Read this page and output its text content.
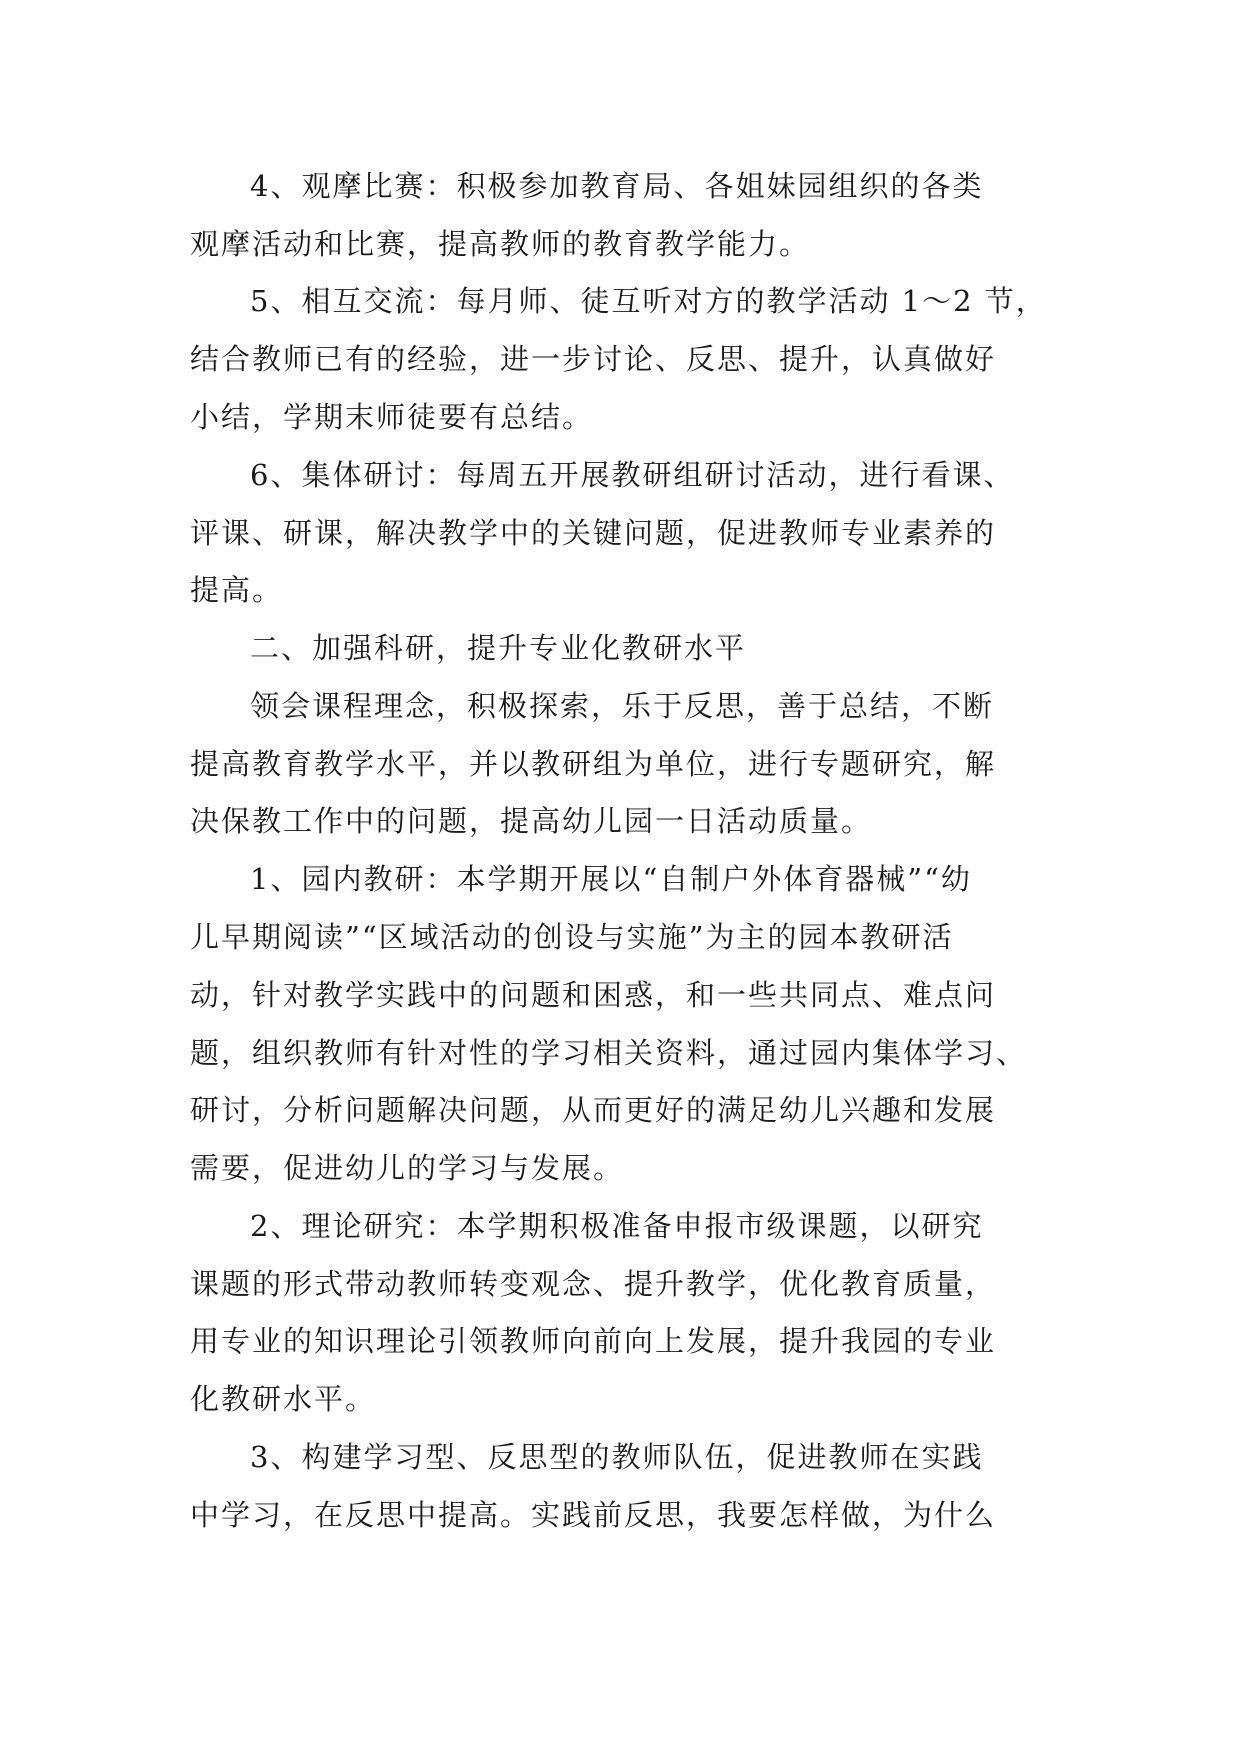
4、观摩比赛：积极参加教育局、各姐妹园组织的各类
观摩活动和比赛，提高教师的教育教学能力。
5、相互交流：每月师、徒互听对方的教学活动 1～2 节，
结合教师已有的经验，进一步讨论、反思、提升，认真做好
小结，学期末师徒要有总结。
6、集体研讨：每周五开展教研组研讨活动，进行看课、
评课、研课，解决教学中的关键问题，促进教师专业素养的
提高。
二、加强科研，提升专业化教研水平
领会课程理念，积极探索，乐于反思，善于总结，不断
提高教育教学水平，并以教研组为单位，进行专题研究，解
决保教工作中的问题，提高幼儿园一日活动质量。
1、园内教研：本学期开展以“自制户外体育器械”“幼
儿早期阅读”“区域活动的创设与实施”为主的园本教研活
动，针对教学实践中的问题和困惑，和一些共同点、难点问
题，组织教师有针对性的学习相关资料，通过园内集体学习、
研讨，分析问题解决问题，从而更好的满足幼儿兴趣和发展
需要，促进幼儿的学习与发展。
2、理论研究：本学期积极准备申报市级课题，以研究
课题的形式带动教师转变观念、提升教学，优化教育质量，
用专业的知识理论引领教师向前向上发展，提升我园的专业
化教研水平。
3、构建学习型、反思型的教师队伍，促进教师在实践
中学习，在反思中提高。实践前反思，我要怎样做，为什么
